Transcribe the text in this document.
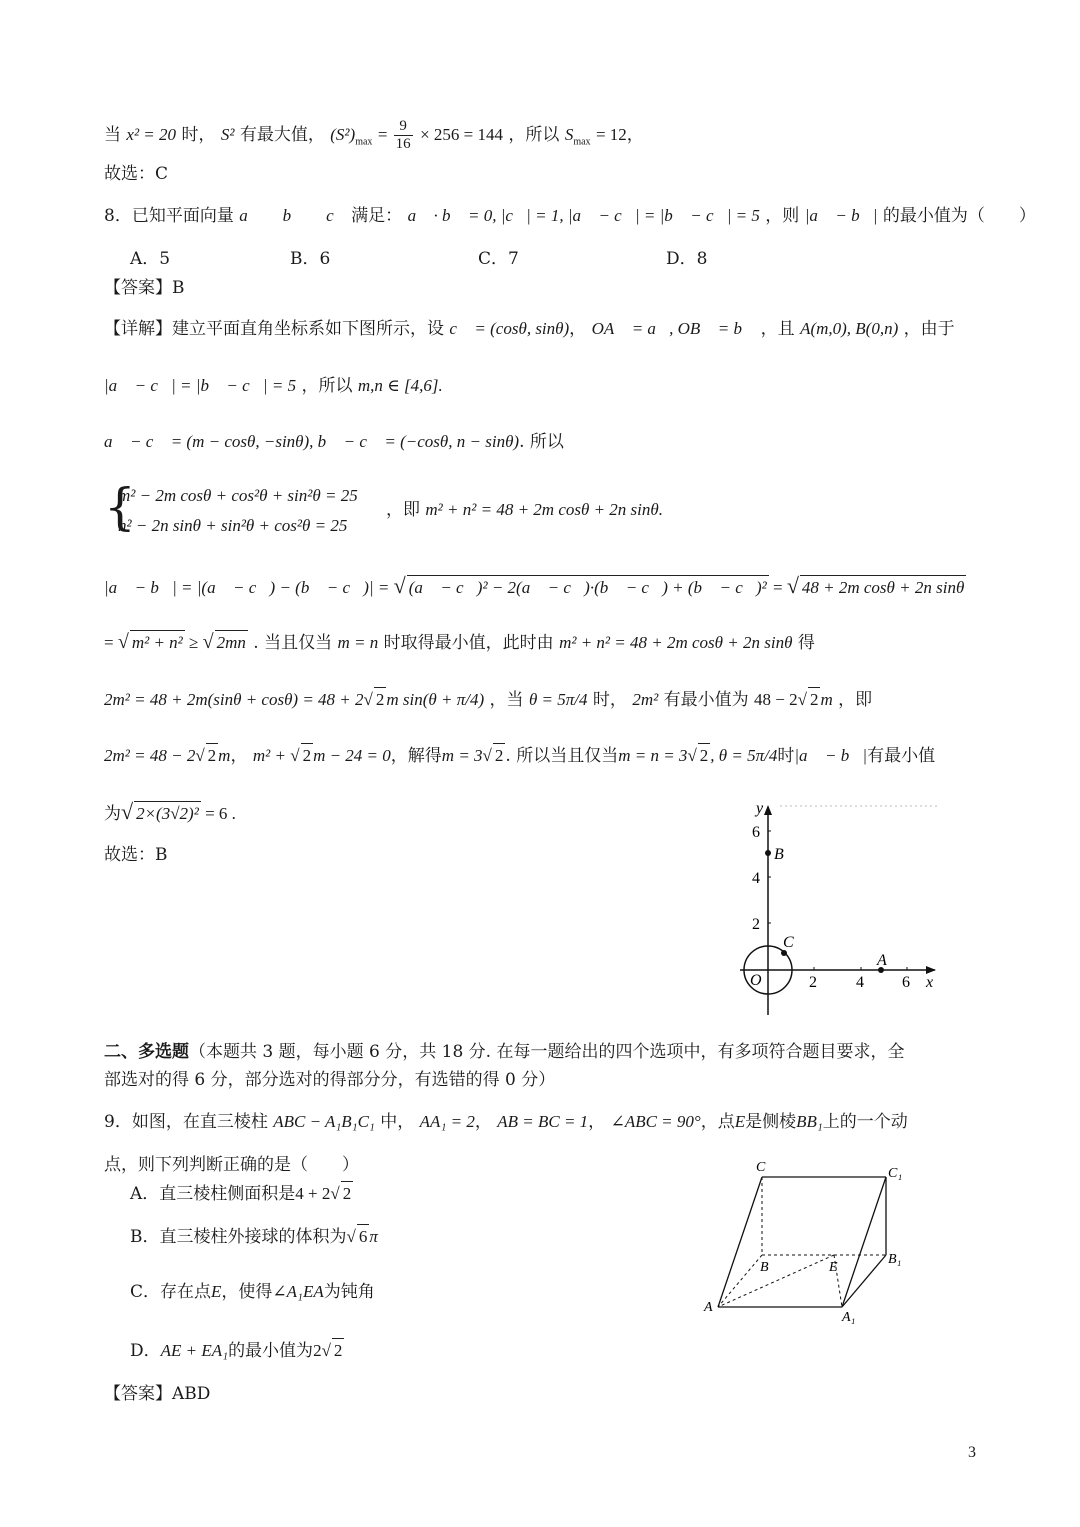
当 x² = 20 时， S² 有最大值， $(S^2)_{max} = \frac{9}{16} \times 256 = 144$ ，所以 $S_{max} = 12$，
故选：C
8．已知平面向量 a⃗ ， b⃗ ， c⃗ 满足： a⃗ · b⃗ = 0, |c⃗| = 1, |a⃗ − c⃗| = |b⃗ − c⃗| = 5 ，则 |a⃗ − b⃗| 的最小值为（　　）
A．5	B．6	C．7	D．8
【答案】B
【详解】建立平面直角坐标系如下图所示，设 c⃗ = (cosθ, sinθ)， OA⃗ = a⃗, OB⃗ = b⃗ ，且 A(m,0), B(0,n) ，由于
|a⃗ − c⃗| = |b⃗ − c⃗| = 5 ，所以 m,n ∈ [4,6].
a⃗ − c⃗ = (m − cosθ, −sinθ), b⃗ − c⃗ = (−cosθ, n − sinθ). 所以
{
m² − 2m cosθ + cos²θ + sin²θ = 25
n² − 2n sinθ + sin²θ + cos²θ = 25
，即 m² + n² = 48 + 2m cosθ + 2n sinθ.
|a⃗ − b⃗| = |(a⃗ − c⃗) − (b⃗ − c⃗)| = √ (a⃗ − c⃗)² − 2(a⃗ − c⃗)·(b⃗ − c⃗) + (b⃗ − c⃗)² = √ 48 + 2m cosθ + 2n sinθ
= √ m² + n² ≥ √ 2mn . 当且仅当 m = n 时取得最小值，此时由 m² + n² = 48 + 2m cosθ + 2n sinθ 得
2m² = 48 + 2m(sinθ + cosθ) = 48 + 2√ 2 m sin(θ + π/4) ，当 θ = 5π/4 时， 2m² 有最小值为 48 − 2√ 2 m ，即
2m² = 48 − 2√ 2 m， m² + √ 2 m − 24 = 0，解得m = 3√ 2 . 所以当且仅当m = n = 3√ 2 , θ = 5π/4时|a⃗ − b⃗|有最小值
为√ 2×(3√2)² = 6 .
故选：B
y
x
6
4
2
2 4 6
O
B
C
A
二、多选题（本题共 3 题，每小题 6 分，共 18 分. 在每一题给出的四个选项中，有多项符合题目要求，全
部选对的得 6 分，部分选对的得部分分，有选错的得 0 分）
9．如图，在直三棱柱 ABC − A₁B₁C₁ 中， AA₁ = 2， AB = BC = 1， ∠ABC = 90°，点E是侧棱BB₁上的一个动
点，则下列判断正确的是（　　）
A．直三棱柱侧面积是4 + 2√ 2
B．直三棱柱外接球的体积为√ 6 π
C．存在点E，使得∠A₁EA为钝角
D．AE + EA₁的最小值为2√ 2
【答案】ABD
C	C₁
B	E
B₁
A
A₁
3
